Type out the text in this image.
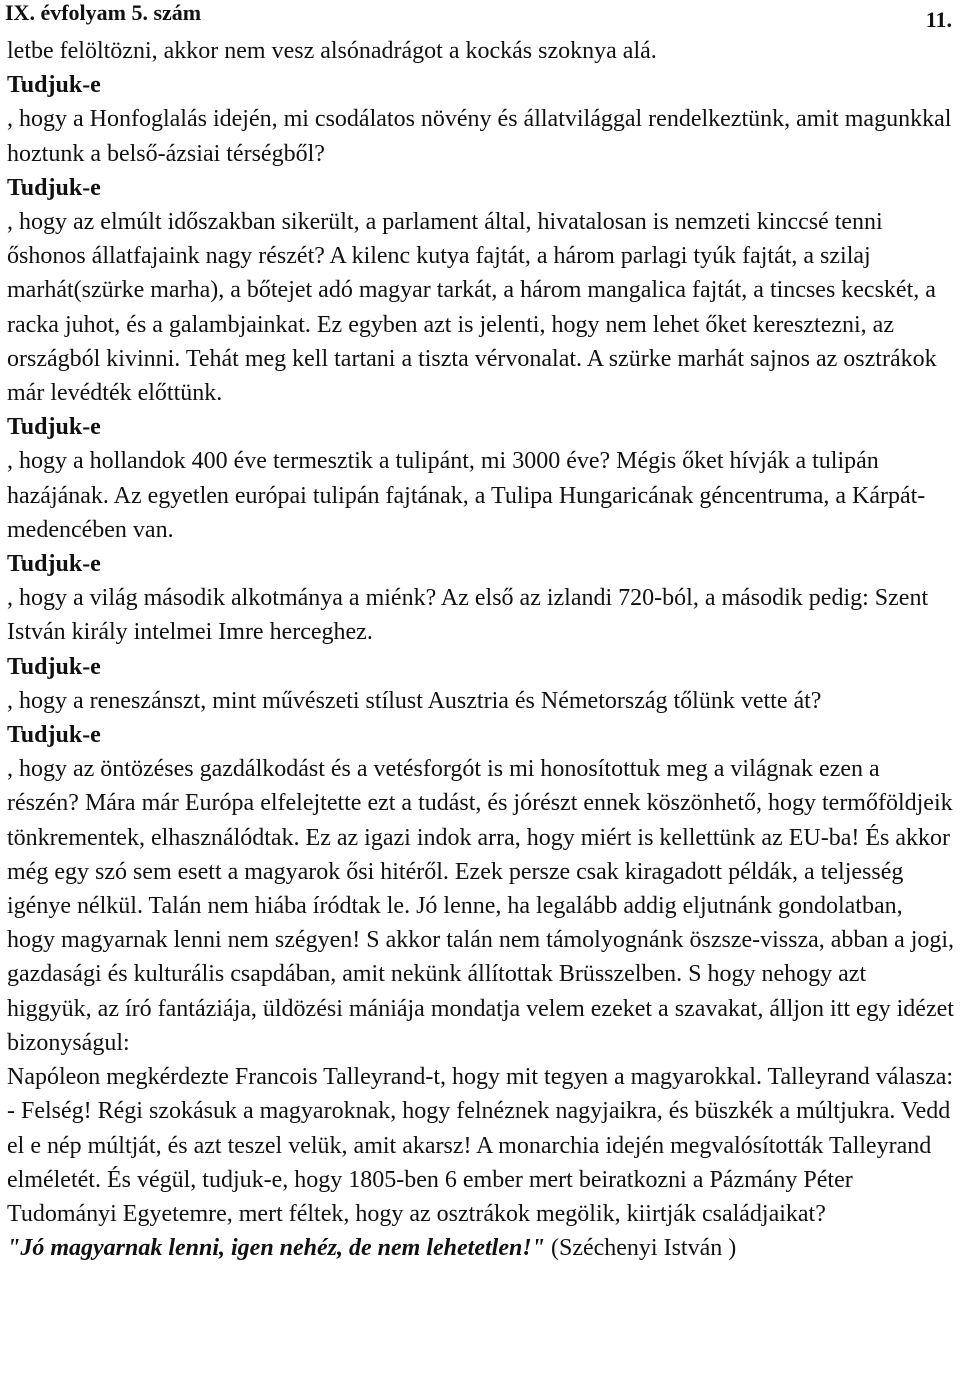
IX. évfolyam 5. szám	11.

letbe felöltözni, akkor nem vesz alsónadrágot a kockás szoknya alá.

Tudjuk-e

, hogy a Honfoglalás idején, mi csodálatos növény és állatvilággal rendelkeztünk, amit magunkkal hoztunk a belső-ázsiai térségből?

Tudjuk-e

, hogy az elmúlt időszakban sikerült, a parlament által, hivatalosan is nemzeti kinccsé tenni őshonos állatfajaink nagy részét? A kilenc kutya fajtát, a három parlagi tyúk fajtát, a szilaj marhát(szürke marha), a bőtejet adó magyar tarkát, a három mangalica fajtát, a tincses kecskét, a racka juhot, és a galambjainkat. Ez egyben azt is jelenti, hogy nem lehet őket keresztezni, az országból kivinni. Tehát meg kell tartani a tiszta vérvonalat. A szürke marhát sajnos az osztrákok már levédték előttünk.

Tudjuk-e

, hogy a hollandok 400 éve termesztik a tulipánt, mi 3000 éve? Mégis őket hívják a tulipán hazájának. Az egyetlen európai tulipán fajtának, a Tulipa Hungaricának géncentruma, a Kárpát-medencében van.

Tudjuk-e

, hogy a világ második alkotmánya a miénk? Az első az izlandi 720-ból, a második pedig: Szent István király intelmei Imre herceghez.

Tudjuk-e

, hogy a reneszánszt, mint művészeti stílust Ausztria és Németország tőlünk vette át?

Tudjuk-e

, hogy az öntözéses gazdálkodást és a vetésforgót is mi honosítottuk meg a világnak ezen a részén? Mára már Európa elfelejtette ezt a tudást, és jórészt ennek köszönhető, hogy termőföldjeik tönkrementek, elhasználódtak. Ez az igazi indok arra, hogy miért is kellettünk az EU-ba! És akkor még egy szó sem esett a magyarok ősi hitéről. Ezek persze csak kiragadott példák, a teljesség igénye nélkül. Talán nem hiába íródtak le. Jó lenne, ha legalább addig eljutnánk gondolatban, hogy magyarnak lenni nem szégyen! S akkor talán nem támolyognánk öszsze-vissza, abban a jogi, gazdasági és kulturális csapdában, amit nekünk állítottak Brüsszelben. S hogy nehogy azt higgyük, az író fantáziája, üldözési mániája mondatja velem ezeket a szavakat, álljon itt egy idézet bizonyságul:

Napóleon megkérdezte Francois Talleyrand-t, hogy mit tegyen a magyarokkal. Talleyrand válasza: - Felség! Régi szokásuk a magyaroknak, hogy felnéznek nagyjaikra, és büszkék a múltjukra. Vedd el e nép múltját, és azt teszel velük, amit akarsz! A monarchia idején megvalósították Talleyrand elméletét. És végül, tudjuk-e, hogy 1805-ben 6 ember mert beiratkozni a Pázmány Péter Tudományi Egyetemre, mert féltek, hogy az osztrákok megölik, kiirtják családjaikat?

"Jó magyarnak lenni, igen nehéz, de nem lehetetlen!" (Széchenyi István )
